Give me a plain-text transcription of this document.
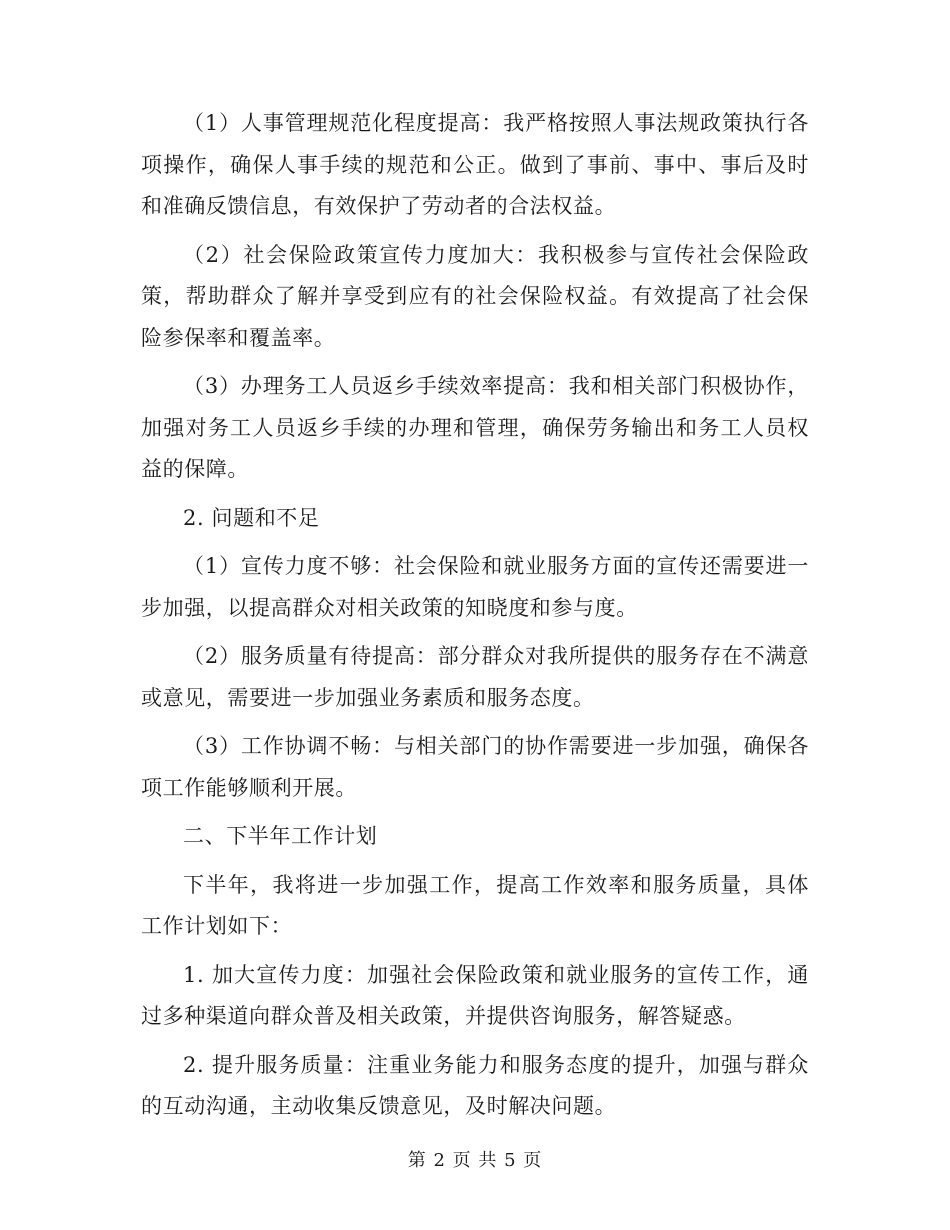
（1）人事管理规范化程度提高：我严格按照人事法规政策执行各项操作，确保人事手续的规范和公正。做到了事前、事中、事后及时和准确反馈信息，有效保护了劳动者的合法权益。

（2）社会保险政策宣传力度加大：我积极参与宣传社会保险政策，帮助群众了解并享受到应有的社会保险权益。有效提高了社会保险参保率和覆盖率。

（3）办理务工人员返乡手续效率提高：我和相关部门积极协作，加强对务工人员返乡手续的办理和管理，确保劳务输出和务工人员权益的保障。

2. 问题和不足

（1）宣传力度不够：社会保险和就业服务方面的宣传还需要进一步加强，以提高群众对相关政策的知晓度和参与度。

（2）服务质量有待提高：部分群众对我所提供的服务存在不满意或意见，需要进一步加强业务素质和服务态度。

（3）工作协调不畅：与相关部门的协作需要进一步加强，确保各项工作能够顺利开展。

二、下半年工作计划

下半年，我将进一步加强工作，提高工作效率和服务质量，具体工作计划如下：

1. 加大宣传力度：加强社会保险政策和就业服务的宣传工作，通过多种渠道向群众普及相关政策，并提供咨询服务，解答疑惑。

2. 提升服务质量：注重业务能力和服务态度的提升，加强与群众的互动沟通，主动收集反馈意见，及时解决问题。

第 2 页 共 5 页
